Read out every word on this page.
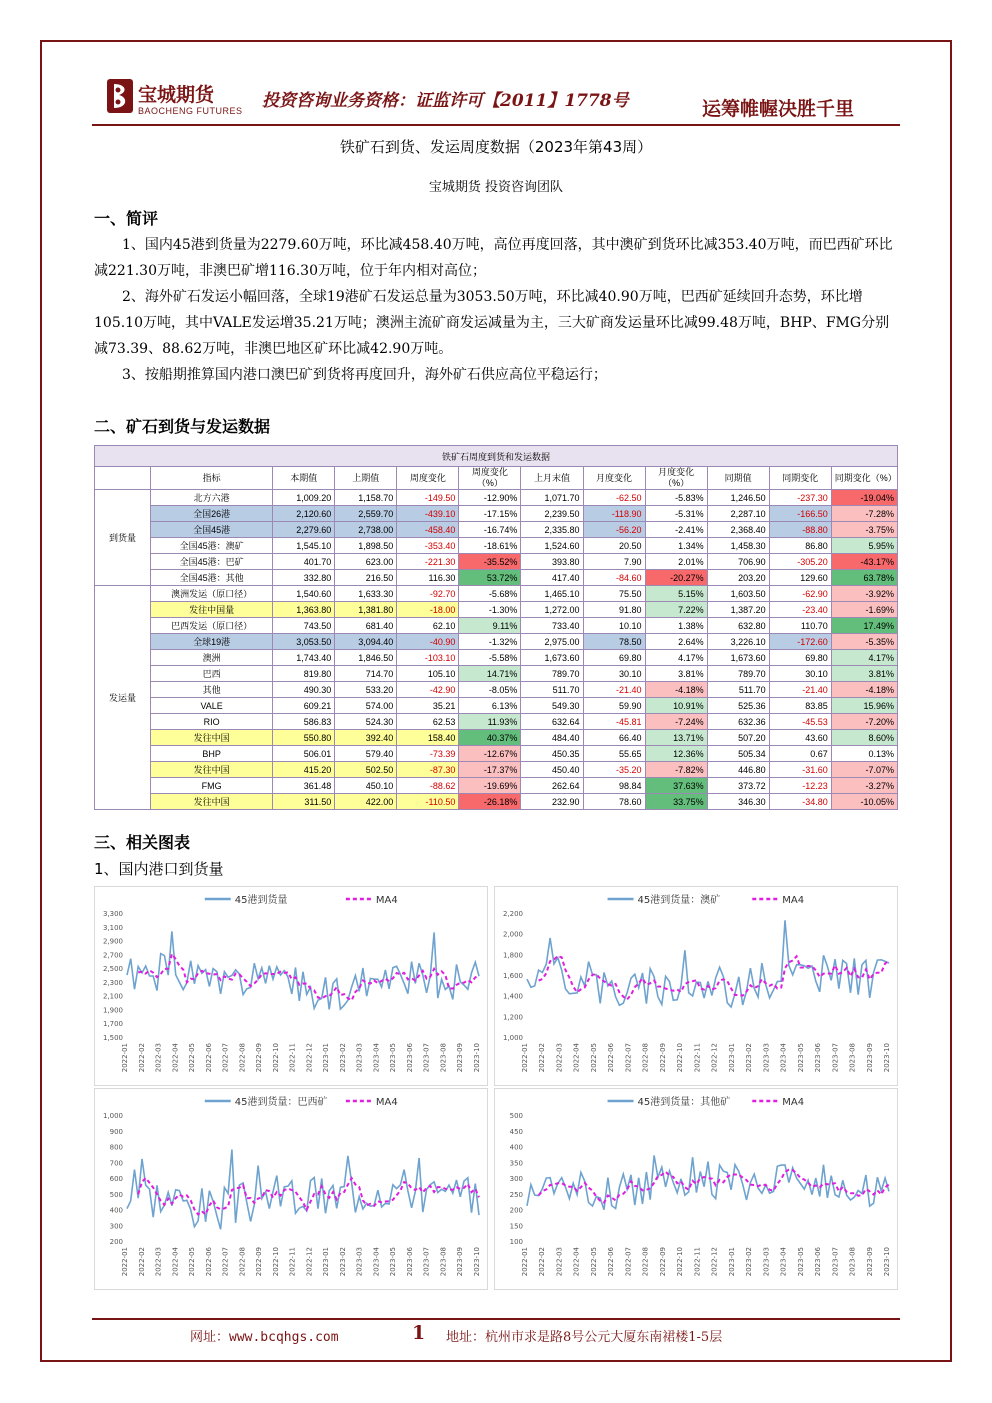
宝城期货
BAOCHENG FUTURES 投资咨询业务资格：证监许可【2011】1778号	运筹帷幄决胜千里
铁矿石到货、发运周度数据（2023年第43周）
宝城期货 投资咨询团队
一、简评
1、国内45港到货量为2279.60万吨，环比减458.40万吨，高位再度回落，其中澳矿到货环比减353.40万吨，而巴西矿环比减221.30万吨，非澳巴矿增116.30万吨，位于年内相对高位；
2、海外矿石发运小幅回落，全球19港矿石发运总量为3053.50万吨，环比减40.90万吨，巴西矿延续回升态势，环比增105.10万吨，其中VALE发运增35.21万吨；澳洲主流矿商发运减量为主，三大矿商发运量环比减99.48万吨，BHP、FMG分别减73.39、88.62万吨，非澳巴地区矿环比减42.90万吨。
3、按船期推算国内港口澳巴矿到货将再度回升，海外矿石供应高位平稳运行；
二、矿石到货与发运数据
铁矿石周度到货和发运数据											
	指标	本期值	上期值	周度变化	周度变化（%）	上月末值	月度变化	月度变化（%）	同期值	同期变化	同期变化（%）
到货量	北方六港	1,009.20	1,158.70	-149.50	-12.90%	1,071.70	-62.50	-5.83%	1,246.50	-237.30	-19.04%
	全国26港	2,120.60	2,559.70	-439.10	-17.15%	2,239.50	-118.90	-5.31%	2,287.10	-166.50	-7.28%
	全国45港	2,279.60	2,738.00	-458.40	-16.74%	2,335.80	-56.20	-2.41%	2,368.40	-88.80	-3.75%
	全国45港：澳矿	1,545.10	1,898.50	-353.40	-18.61%	1,524.60	20.50	1.34%	1,458.30	86.80	5.95%
	全国45港：巴矿	401.70	623.00	-221.30	-35.52%	393.80	7.90	2.01%	706.90	-305.20	-43.17%
	全国45港：其他	332.80	216.50	116.30	53.72%	417.40	-84.60	-20.27%	203.20	129.60	63.78%
发运量	澳洲发运（原口径）	1,540.60	1,633.30	-92.70	-5.68%	1,465.10	75.50	5.15%	1,603.50	-62.90	-3.92%
	发往中国量	1,363.80	1,381.80	-18.00	-1.30%	1,272.00	91.80	7.22%	1,387.20	-23.40	-1.69%
	巴西发运（原口径）	743.50	681.40	62.10	9.11%	733.40	10.10	1.38%	632.80	110.70	17.49%
	全球19港	3,053.50	3,094.40	-40.90	-1.32%	2,975.00	78.50	2.64%	3,226.10	-172.60	-5.35%
	澳洲	1,743.40	1,846.50	-103.10	-5.58%	1,673.60	69.80	4.17%	1,673.60	69.80	4.17%
	巴西	819.80	714.70	105.10	14.71%	789.70	30.10	3.81%	789.70	30.10	3.81%
	其他	490.30	533.20	-42.90	-8.05%	511.70	-21.40	-4.18%	511.70	-21.40	-4.18%
	VALE	609.21	574.00	35.21	6.13%	549.30	59.90	10.91%	525.36	83.85	15.96%
	RIO	586.83	524.30	62.53	11.93%	632.64	-45.81	-7.24%	632.36	-45.53	-7.20%
	发往中国	550.80	392.40	158.40	40.37%	484.40	66.40	13.71%	507.20	43.60	8.60%
	BHP	506.01	579.40	-73.39	-12.67%	450.35	55.65	12.36%	505.34	0.67	0.13%
	发往中国	415.20	502.50	-87.30	-17.37%	450.40	-35.20	-7.82%	446.80	-31.60	-7.07%
	FMG	361.48	450.10	-88.62	-19.69%	262.64	98.84	37.63%	373.72	-12.23	-3.27%
	发往中国	311.50	422.00	-110.50	-26.18%	232.90	78.60	33.75%	346.30	-34.80	-10.05%
三、相关图表
1、国内港口到货量
45港到货量	MA4
1,500
1,700
1,900
2,100
2,300
2,500
2,700
2,900
3,100
3,300
2022-01 2022-02 2022-03 2022-04 2022-05 2022-06 2022-07 2022-08 2022-09 2022-10 2022-11 2022-12 2023-01 2023-02 2023-03 2023-04 2023-05 2023-06 2023-07 2023-08 2023-09 2023-10
45港到货量：澳矿	MA4
1,000
1,200
1,400
1,600
1,800
2,000
2,200
2022-01 2022-02 2022-03 2022-04 2022-05 2022-06 2022-07 2022-08 2022-09 2022-10 2022-11 2022-12 2023-01 2023-02 2023-03 2023-04 2023-05 2023-06 2023-07 2023-08 2023-09 2023-10
45港到货量：巴西矿	MA4
200
300
400
500
600
700
800
900
1,000
2022-01 2022-02 2022-03 2022-04 2022-05 2022-06 2022-07 2022-08 2022-09 2022-10 2022-11 2022-12 2023-01 2023-02 2023-03 2023-04 2023-05 2023-06 2023-07 2023-08 2023-09 2023-10
45港到货量：其他矿	MA4
100
150
200
250
300
350
400
450
500
2022-01 2022-02 2022-03 2022-04 2022-05 2022-06 2022-07 2022-08 2022-09 2022-10 2022-11 2022-12 2023-01 2023-02 2023-03 2023-04 2023-05 2023-06 2023-07 2023-08 2023-09 2023-10
网址：www.bcqhgs.com	1 地址：杭州市求是路8号公元大厦东南裙楼1-5层
